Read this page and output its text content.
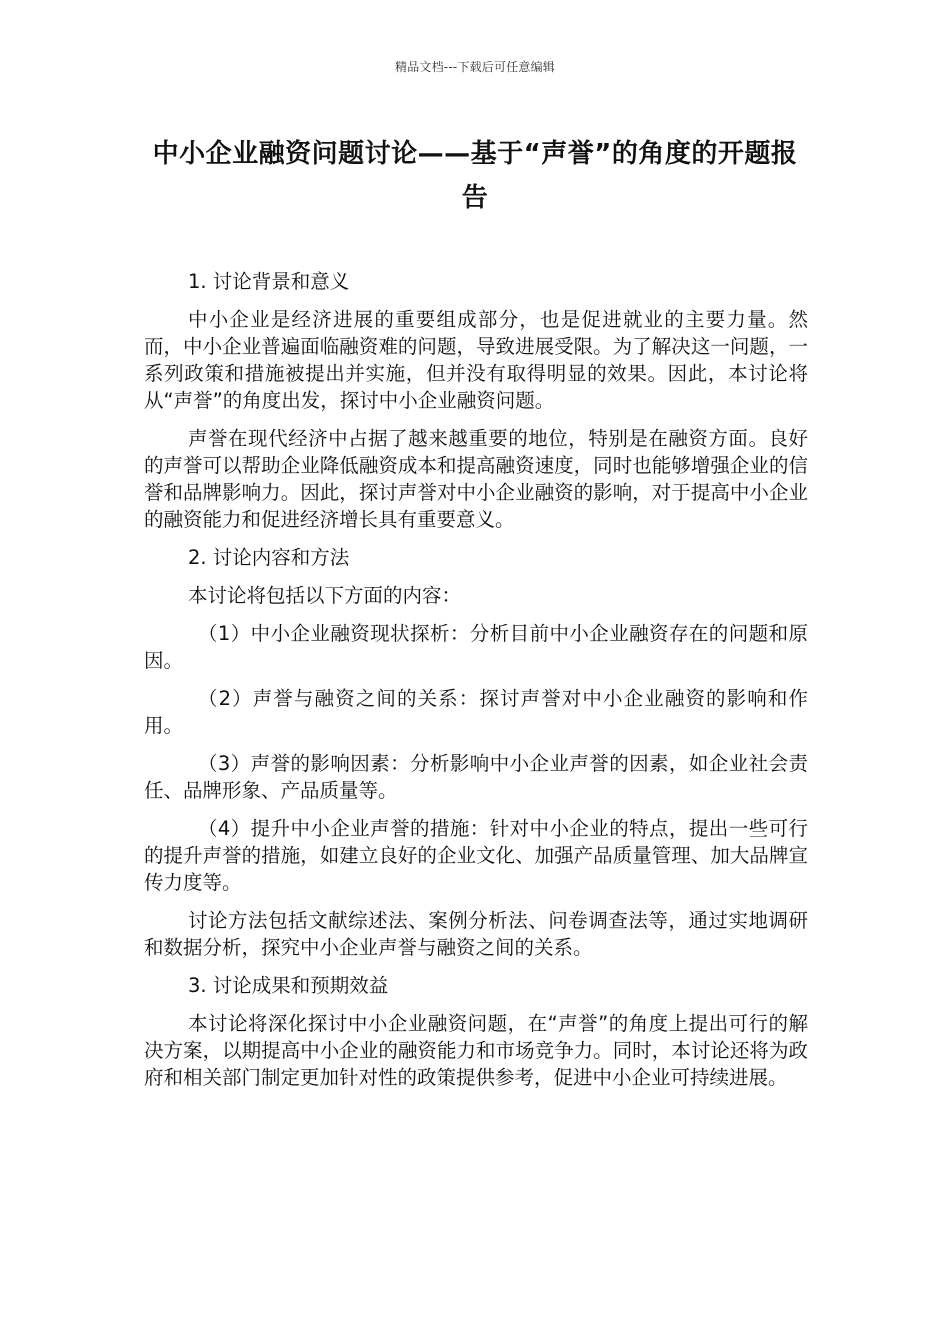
精品文档---下载后可任意编辑
中小企业融资问题讨论——基于“声誉”的角度的开题报告
1. 讨论背景和意义

中小企业是经济进展的重要组成部分，也是促进就业的主要力量。然而，中小企业普遍面临融资难的问题，导致进展受限。为了解决这一问题，一系列政策和措施被提出并实施，但并没有取得明显的效果。因此，本讨论将从“声誉”的角度出发，探讨中小企业融资问题。

声誉在现代经济中占据了越来越重要的地位，特别是在融资方面。良好的声誉可以帮助企业降低融资成本和提高融资速度，同时也能够增强企业的信誉和品牌影响力。因此，探讨声誉对中小企业融资的影响，对于提高中小企业的融资能力和促进经济增长具有重要意义。

2. 讨论内容和方法

本讨论将包括以下方面的内容：

（1）中小企业融资现状探析：分析目前中小企业融资存在的问题和原因。

（2）声誉与融资之间的关系：探讨声誉对中小企业融资的影响和作用。

（3）声誉的影响因素：分析影响中小企业声誉的因素，如企业社会责任、品牌形象、产品质量等。

（4）提升中小企业声誉的措施：针对中小企业的特点，提出一些可行的提升声誉的措施，如建立良好的企业文化、加强产品质量管理、加大品牌宣传力度等。

讨论方法包括文献综述法、案例分析法、问卷调查法等，通过实地调研和数据分析，探究中小企业声誉与融资之间的关系。

3. 讨论成果和预期效益

本讨论将深化探讨中小企业融资问题，在“声誉”的角度上提出可行的解决方案，以期提高中小企业的融资能力和市场竞争力。同时，本讨论还将为政府和相关部门制定更加针对性的政策提供参考，促进中小企业可持续进展。
